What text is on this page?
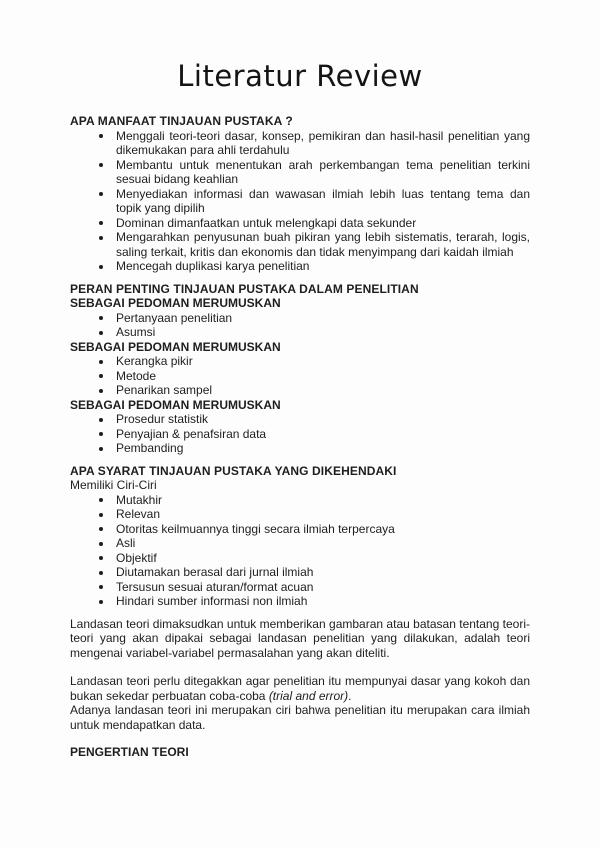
Literatur Review
APA MANFAAT TINJAUAN PUSTAKA ?
Menggali teori-teori dasar, konsep, pemikiran dan hasil-hasil penelitian yang dikemukakan para ahli terdahulu
Membantu untuk menentukan arah perkembangan tema penelitian terkini sesuai bidang keahlian
Menyediakan informasi dan wawasan ilmiah lebih luas tentang tema dan topik yang dipilih
Dominan dimanfaatkan untuk melengkapi data sekunder
Mengarahkan penyusunan buah pikiran yang lebih sistematis, terarah, logis, saling terkait, kritis dan ekonomis dan tidak menyimpang dari kaidah ilmiah
Mencegah duplikasi karya penelitian
PERAN PENTING TINJAUAN PUSTAKA DALAM PENELITIAN
SEBAGAI PEDOMAN MERUMUSKAN
Pertanyaan penelitian
Asumsi
SEBAGAI PEDOMAN MERUMUSKAN
Kerangka pikir
Metode
Penarikan sampel
SEBAGAI PEDOMAN MERUMUSKAN
Prosedur statistik
Penyajian & penafsiran data
Pembanding
APA SYARAT TINJAUAN PUSTAKA YANG DIKEHENDAKI
Memiliki Ciri-Ciri
Mutakhir
Relevan
Otoritas keilmuannya tinggi secara ilmiah terpercaya
Asli
Objektif
Diutamakan berasal dari jurnal ilmiah
Tersusun sesuai aturan/format acuan
Hindari sumber informasi non ilmiah

Landasan teori dimaksudkan untuk memberikan gambaran atau batasan tentang teori-teori yang akan dipakai sebagai landasan penelitian yang dilakukan, adalah teori mengenai variabel-variabel permasalahan yang akan diteliti.

Landasan teori perlu ditegakkan agar penelitian itu mempunyai dasar yang kokoh dan bukan sekedar perbuatan coba-coba (trial and error).

Adanya landasan teori ini merupakan ciri bahwa penelitian itu merupakan cara ilmiah untuk mendapatkan data.

PENGERTIAN TEORI
